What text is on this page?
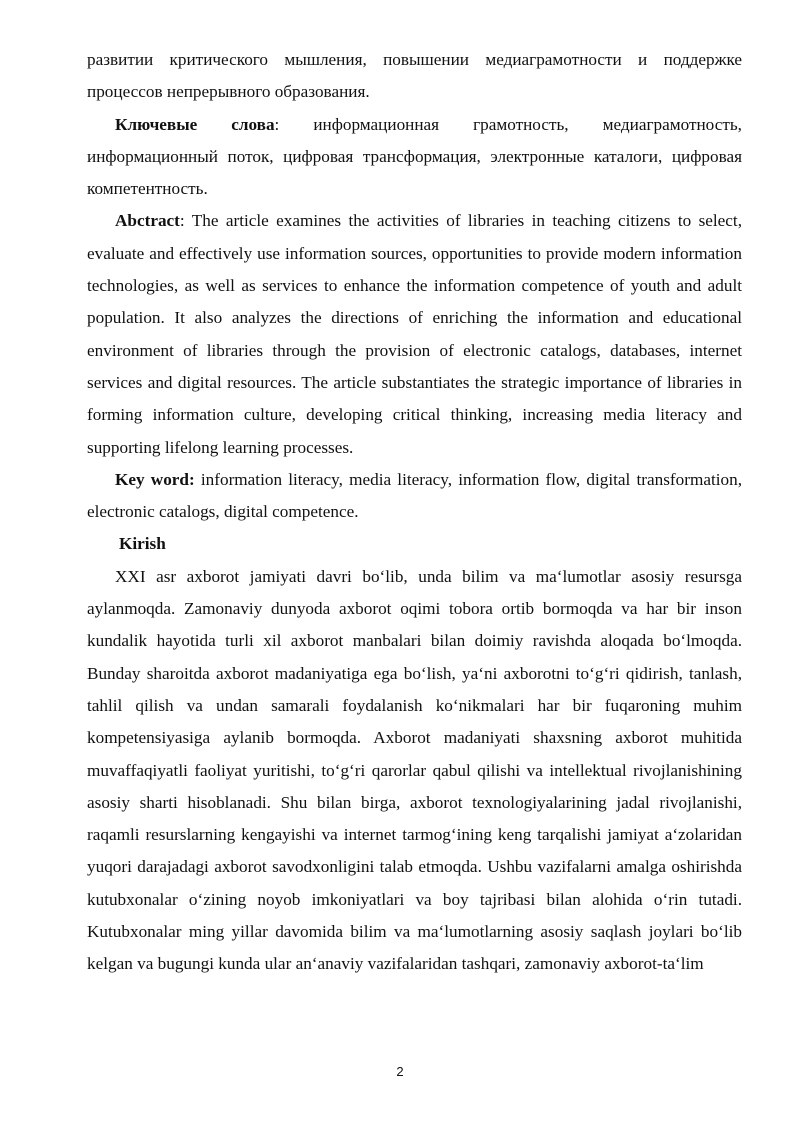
развитии критического мышления, повышении медиаграмотности и поддержке процессов непрерывного образования.

Ключевые слова: информационная грамотность, медиаграмотность, информационный поток, цифровая трансформация, электронные каталоги, цифровая компетентность.

Abctract: The article examines the activities of libraries in teaching citizens to select, evaluate and effectively use information sources, opportunities to provide modern information technologies, as well as services to enhance the information competence of youth and adult population. It also analyzes the directions of enriching the information and educational environment of libraries through the provision of electronic catalogs, databases, internet services and digital resources. The article substantiates the strategic importance of libraries in forming information culture, developing critical thinking, increasing media literacy and supporting lifelong learning processes.

Key word: information literacy, media literacy, information flow, digital transformation, electronic catalogs, digital competence.

Kirish

XXI asr axborot jamiyati davri bo‘lib, unda bilim va ma‘lumotlar asosiy resursga aylanmoqda. Zamonaviy dunyoda axborot oqimi tobora ortib bormoqda va har bir inson kundalik hayotida turli xil axborot manbalari bilan doimiy ravishda aloqada bo‘lmoqda. Bunday sharoitda axborot madaniyatiga ega bo‘lish, ya‘ni axborotni to‘g‘ri qidirish, tanlash, tahlil qilish va undan samarali foydalanish ko‘nikmalari har bir fuqaroning muhim kompetensiyasiga aylanib bormoqda. Axborot madaniyati shaxsning axborot muhitida muvaffaqiyatli faoliyat yuritishi, to‘g‘ri qarorlar qabul qilishi va intellektual rivojlanishining asosiy sharti hisoblanadi. Shu bilan birga, axborot texnologiyalarining jadal rivojlanishi, raqamli resurslarning kengayishi va internet tarmog‘ining keng tarqalishi jamiyat a‘zolaridan yuqori darajadagi axborot savodxonligini talab etmoqda. Ushbu vazifalarni amalga oshirishda kutubxonalar o‘zining noyob imkoniyatlari va boy tajribasi bilan alohida o‘rin tutadi. Kutubxonalar ming yillar davomida bilim va ma‘lumotlarning asosiy saqlash joylari bo‘lib kelgan va bugungi kunda ular an‘anaviy vazifalaridan tashqari, zamonaviy axborot-ta‘lim

2
